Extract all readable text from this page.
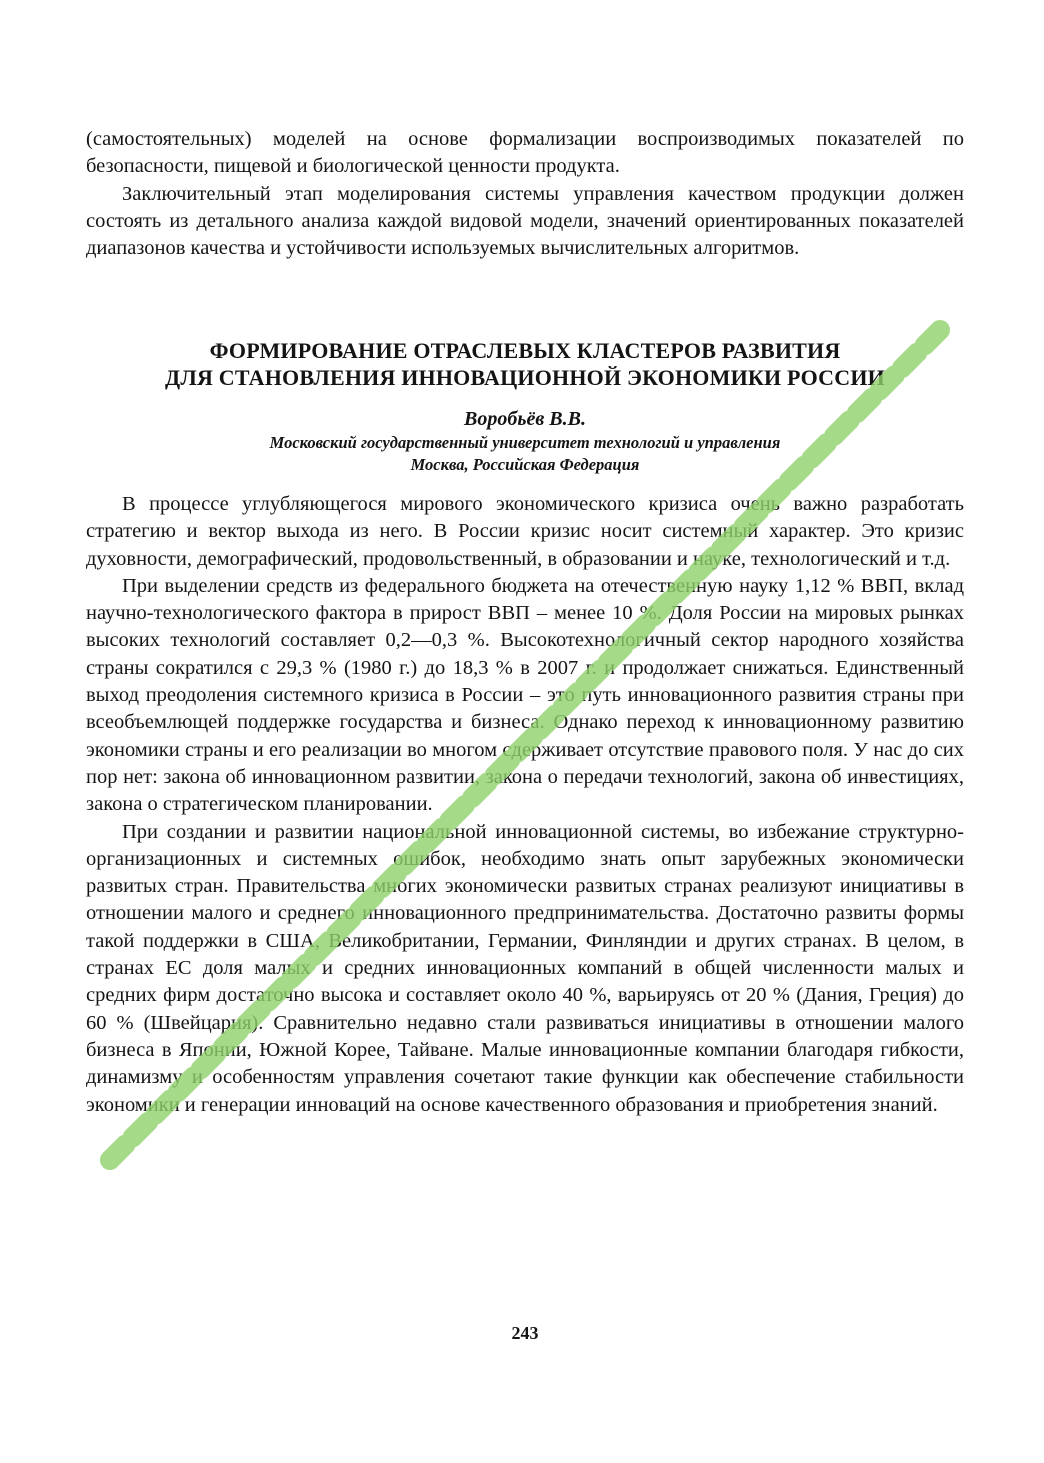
(самостоятельных) моделей на основе формализации воспроизводимых показателей по безопасности, пищевой и биологической ценности продукта.

Заключительный этап моделирования системы управления качеством продукции должен состоять из детального анализа каждой видовой модели, значений ориентированных показателей диапазонов качества и устойчивости используемых вычислительных алгоритмов.

ФОРМИРОВАНИЕ ОТРАСЛЕВЫХ КЛАСТЕРОВ РАЗВИТИЯ
ДЛЯ СТАНОВЛЕНИЯ ИННОВАЦИОННОЙ ЭКОНОМИКИ РОССИИ
Воробьёв В.В.
Московский государственный университет технологий и управления
Москва, Российская Федерация

В процессе углубляющегося мирового экономического кризиса очень важно разработать стратегию и вектор выхода из него. В России кризис носит системный характер. Это кризис духовности, демографический, продовольственный, в образовании и науке, технологический и т.д.

При выделении средств из федерального бюджета на отечественную науку 1,12 % ВВП, вклад научно-технологического фактора в прирост ВВП – менее 10 %. Доля России на мировых рынках высоких технологий составляет 0,2—0,3 %. Высокотехнологичный сектор народного хозяйства страны сократился с 29,3 % (1980 г.) до 18,3 % в 2007 г. и продолжает снижаться. Единственный выход преодоления системного кризиса в России – это путь инновационного развития страны при всеобъемлющей поддержке государства и бизнеса. Однако переход к инновационному развитию экономики страны и его реализации во многом сдерживает отсутствие правового поля. У нас до сих пор нет: закона об инновационном развитии, закона о передачи технологий, закона об инвестициях, закона о стратегическом планировании.

При создании и развитии национальной инновационной системы, во избежание структурно-организационных и системных ошибок, необходимо знать опыт зарубежных экономически развитых стран. Правительства многих экономически развитых странах реализуют инициативы в отношении малого и среднего инновационного предпринимательства. Достаточно развиты формы такой поддержки в США, Великобритании, Германии, Финляндии и других странах. В целом, в странах ЕС доля малых и средних инновационных компаний в общей численности малых и средних фирм достаточно высока и составляет около 40 %, варьируясь от 20 % (Дания, Греция) до 60 % (Швейцария). Сравнительно недавно стали развиваться инициативы в отношении малого бизнеса в Японии, Южной Корее, Тайване. Малые инновационные компании благодаря гибкости, динамизму и особенностям управления сочетают такие функции как обеспечение стабильности экономики и генерации инноваций на основе качественного образования и приобретения знаний.

243
